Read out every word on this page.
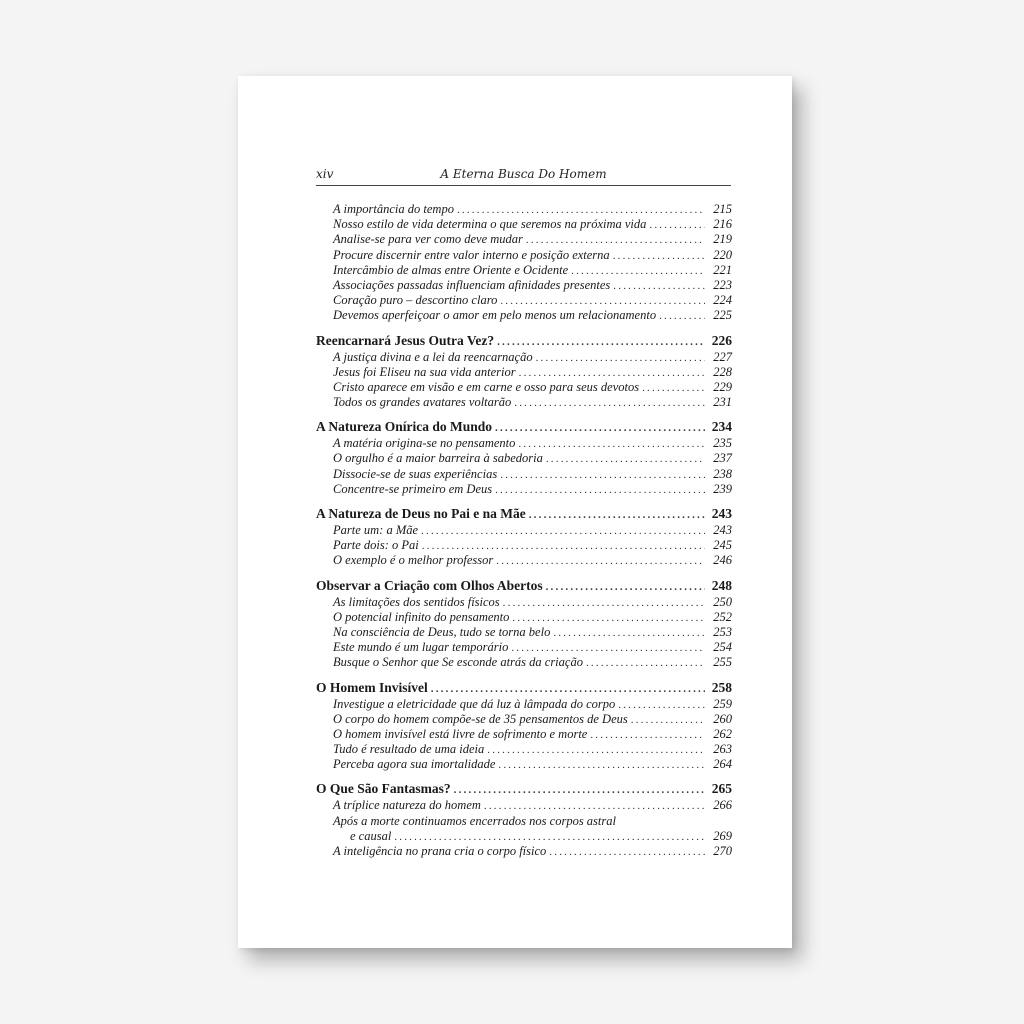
xiv	A Eterna Busca Do Homem
A importância do tempo .....	215
Nosso estilo de vida determina o que seremos na próxima vida .....	216
Analise-se para ver como deve mudar .....	219
Procure discernir entre valor interno e posição externa .....	220
Intercâmbio de almas entre Oriente e Ocidente .....	221
Associações passadas influenciam afinidades presentes .....	223
Coração puro – descortino claro .....	224
Devemos aperfeiçoar o amor em pelo menos um relacionamento .....	225
Reencarnará Jesus Outra Vez? .....	226
A justiça divina e a lei da reencarnação .....	227
Jesus foi Eliseu na sua vida anterior .....	228
Cristo aparece em visão e em carne e osso para seus devotos .....	229
Todos os grandes avatares voltarão .....	231
A Natureza Onírica do Mundo .....	234
A matéria origina-se no pensamento .....	235
O orgulho é a maior barreira à sabedoria .....	237
Dissocie-se de suas experiências .....	238
Concentre-se primeiro em Deus .....	239
A Natureza de Deus no Pai e na Mãe .....	243
Parte um: a Mãe .....	243
Parte dois: o Pai .....	245
O exemplo é o melhor professor .....	246
Observar a Criação com Olhos Abertos .....	248
As limitações dos sentidos físicos .....	250
O potencial infinito do pensamento .....	252
Na consciência de Deus, tudo se torna belo .....	253
Este mundo é um lugar temporário .....	254
Busque o Senhor que Se esconde atrás da criação .....	255
O Homem Invisível .....	258
Investigue a eletricidade que dá luz à lâmpada do corpo .....	259
O corpo do homem compõe-se de 35 pensamentos de Deus .....	260
O homem invisível está livre de sofrimento e morte .....	262
Tudo é resultado de uma ideia .....	263
Perceba agora sua imortalidade .....	264
O Que São Fantasmas? .....	265
A tríplice natureza do homem .....	266
Após a morte continuamos encerrados nos corpos astral
e causal .....	269
A inteligência no prana cria o corpo físico .....	270
